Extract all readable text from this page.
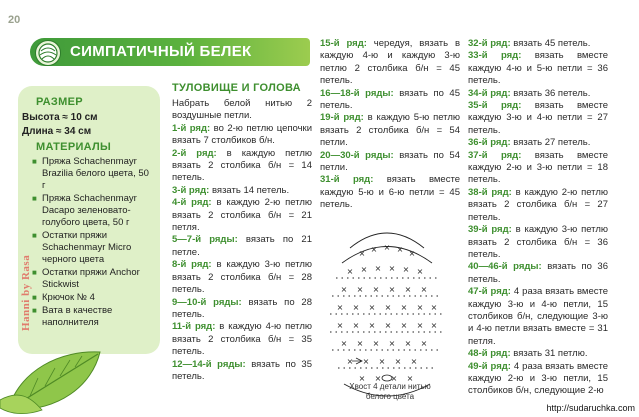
20
СИМПАТИЧНЫЙ БЕЛЕК
РАЗМЕР
Высота ≈ 10 см
Длина ≈ 34 см
МАТЕРИАЛЫ
■ Пряжа Schachenmayr Brazilia белого цвета, 50 г
■ Пряжа Schachenmayr Daсapo зеленовато-голубого цвета, 50 г
■ Остатки пряжи Schachenmayr Micro черного цвета
■ Остатки пряжи Anchor Stickwist
■ Крючок № 4
■ Вата в качестве наполнителя
Hanni by Rasa
ТУЛОВИЩЕ И ГОЛОВА

Набрать белой нитью 2 воздушные петли.

1-й ряд: во 2-ю петлю цепочки вязать 7 столбиков б/н.

2-й ряд: в каждую петлю вязать 2 столбика б/н = 14 петель.

3-й ряд: вязать 14 петель.

4-й ряд: в каждую 2-ю петлю вязать 2 столбика б/н = 21 петля.

5—7-й ряды: вязать по 21 петле.

8-й ряд: в каждую 3-ю петлю вязать 2 столбика б/н = 28 петель.

9—10-й ряды: вязать по 28 петель.

11-й ряд: в каждую 4-ю петлю вязать 2 столбика б/н = 35 петель.

12—14-й ряды: вязать по 35 петель.

15-й ряд: чередуя, вязать в каждую 4-ю и каждую 3-ю петлю 2 столбика б/н = 45 петель.

16—18-й ряды: вязать по 45 петель.

19-й ряд: в каждую 5-ю петлю вязать 2 столбика б/н = 54 петли.

20—30-й ряды: вязать по 54 петли.

31-й ряд: вязать вместе каждую 5-ю и 6-ю петли = 45 петель.

× × × × ×
× × × × × ×
× × × × × ×
× × × × × × ×
× × × × × × ×
× × × × × ×
× × × × ×
× × × ×
Хвост 4 детали нитью белого цвета

32-й ряд: вязать 45 петель.

33-й ряд: вязать вместе каждую 4-ю и 5-ю петли = 36 петель.

34-й ряд: вязать 36 петель.

35-й ряд: вязать вместе каждую 3-ю и 4-ю петли = 27 петель.

36-й ряд: вязать 27 петель.

37-й ряд: вязать вместе каждую 2-ю и 3-ю петли = 18 петель.

38-й ряд: в каждую 2-ю петлю вязать 2 столбика б/н = 27 петель.

39-й ряд: в каждую 3-ю петлю вязать 2 столбика б/н = 36 петель.

40—46-й ряды: вязать по 36 петель.

47-й ряд: 4 раза вязать вместе каждую 3-ю и 4-ю петли, 15 столбиков б/н, следующие 3-ю и 4-ю петли вязать вместе = 31 петля.

48-й ряд: вязать 31 петлю.

49-й ряд: 4 раза вязать вместе каждую 2-ю и 3-ю петли, 15 столбиков б/н, следующие 2-ю

http://sudaruchka.com
